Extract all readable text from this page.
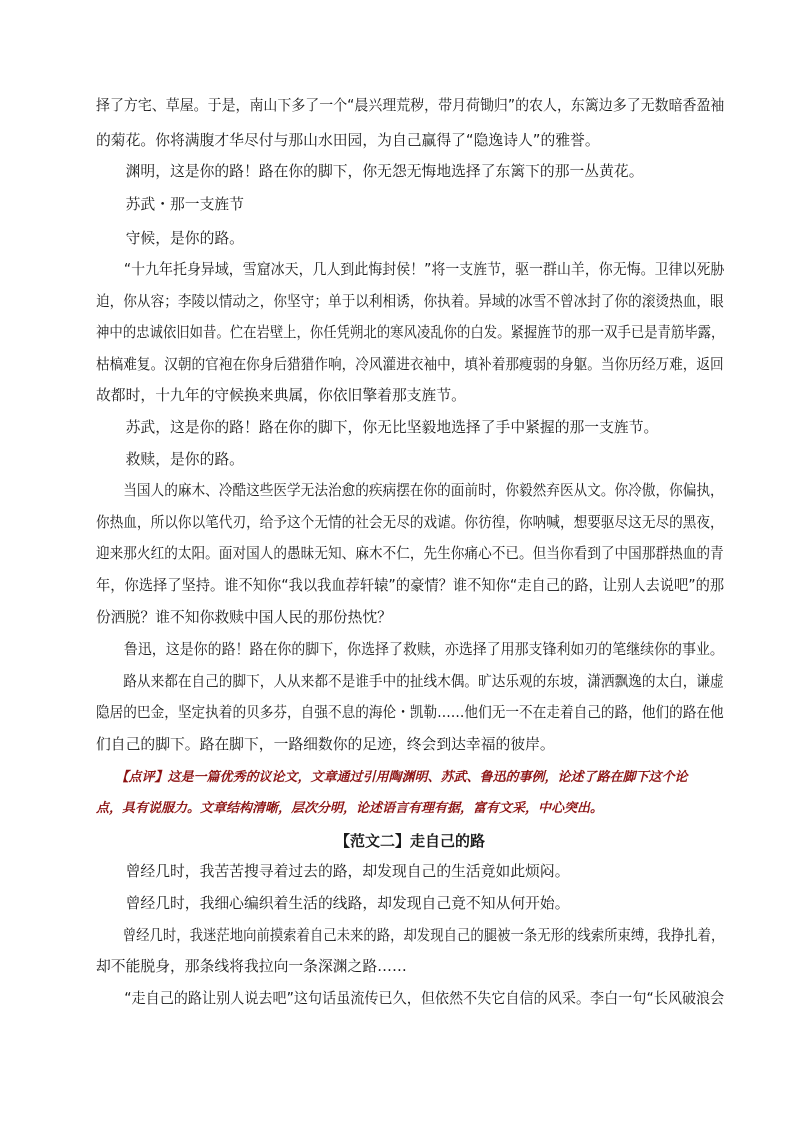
择了方宅、草屋。于是，南山下多了一个“晨兴理荒秽，带月荷锄归”的农人，东篱边多了无数暗香盈袖
的菊花。你将满腹才华尽付与那山水田园，为自己赢得了“隐逸诗人”的雅誉。
　　渊明，这是你的路！路在你的脚下，你无怨无悔地选择了东篱下的那一丛黄花。
　　苏武・那一支旌节
　　守候，是你的路。
　　“十九年托身异域，雪窟冰天，几人到此悔封侯！”将一支旌节，驱一群山羊，你无悔。卫律以死胁
迫，你从容；李陵以情动之，你坚守；单于以利相诱，你执着。异域的冰雪不曾冰封了你的滚烫热血，眼
神中的忠诚依旧如昔。伫在岩壁上，你任凭朔北的寒风凌乱你的白发。紧握旌节的那一双手已是青筋毕露，
枯槁难复。汉朝的官袍在你身后猎猎作响，冷风灌进衣袖中，填补着那瘦弱的身躯。当你历经万难，返回
故都时，十九年的守候换来典属，你依旧擎着那支旌节。
　　苏武，这是你的路！路在你的脚下，你无比坚毅地选择了手中紧握的那一支旌节。
　　救赎，是你的路。
　　当国人的麻木、冷酷这些医学无法治愈的疾病摆在你的面前时，你毅然弃医从文。你冷傲，你偏执，
你热血，所以你以笔代刃，给予这个无情的社会无尽的戏谑。你彷徨，你呐喊，想要驱尽这无尽的黑夜，
迎来那火红的太阳。面对国人的愚昧无知、麻木不仁，先生你痛心不已。但当你看到了中国那群热血的青
年，你选择了坚持。谁不知你“我以我血荐轩辕”的豪情？谁不知你“走自己的路，让别人去说吧”的那
份洒脱？谁不知你救赎中国人民的那份热忱？
　　鲁迅，这是你的路！路在你的脚下，你选择了救赎，亦选择了用那支锋利如刃的笔继续你的事业。
　　路从来都在自己的脚下，人从来都不是谁手中的扯线木偶。旷达乐观的东坡，潇洒飘逸的太白，谦虚
隐居的巴金，坚定执着的贝多芬，自强不息的海伦・凯勒……他们无一不在走着自己的路，他们的路在他
们自己的脚下。路在脚下，一路细数你的足迹，终会到达幸福的彼岸。
　　【点评】这是一篇优秀的议论文，文章通过引用陶渊明、苏武、鲁迅的事例，论述了路在脚下这个论
点，具有说服力。文章结构清晰，层次分明，论述语言有理有据，富有文采，中心突出。
【范文二】走自己的路
　　曾经几时，我苦苦搜寻着过去的路，却发现自己的生活竟如此烦闷。
　　曾经几时，我细心编织着生活的线路，却发现自己竟不知从何开始。
　　曾经几时，我迷茫地向前摸索着自己未来的路，却发现自己的腿被一条无形的线索所束缚，我挣扎着，
却不能脱身，那条线将我拉向一条深渊之路……
　　“走自己的路让别人说去吧”这句话虽流传已久，但依然不失它自信的风采。李白一句“长风破浪会
